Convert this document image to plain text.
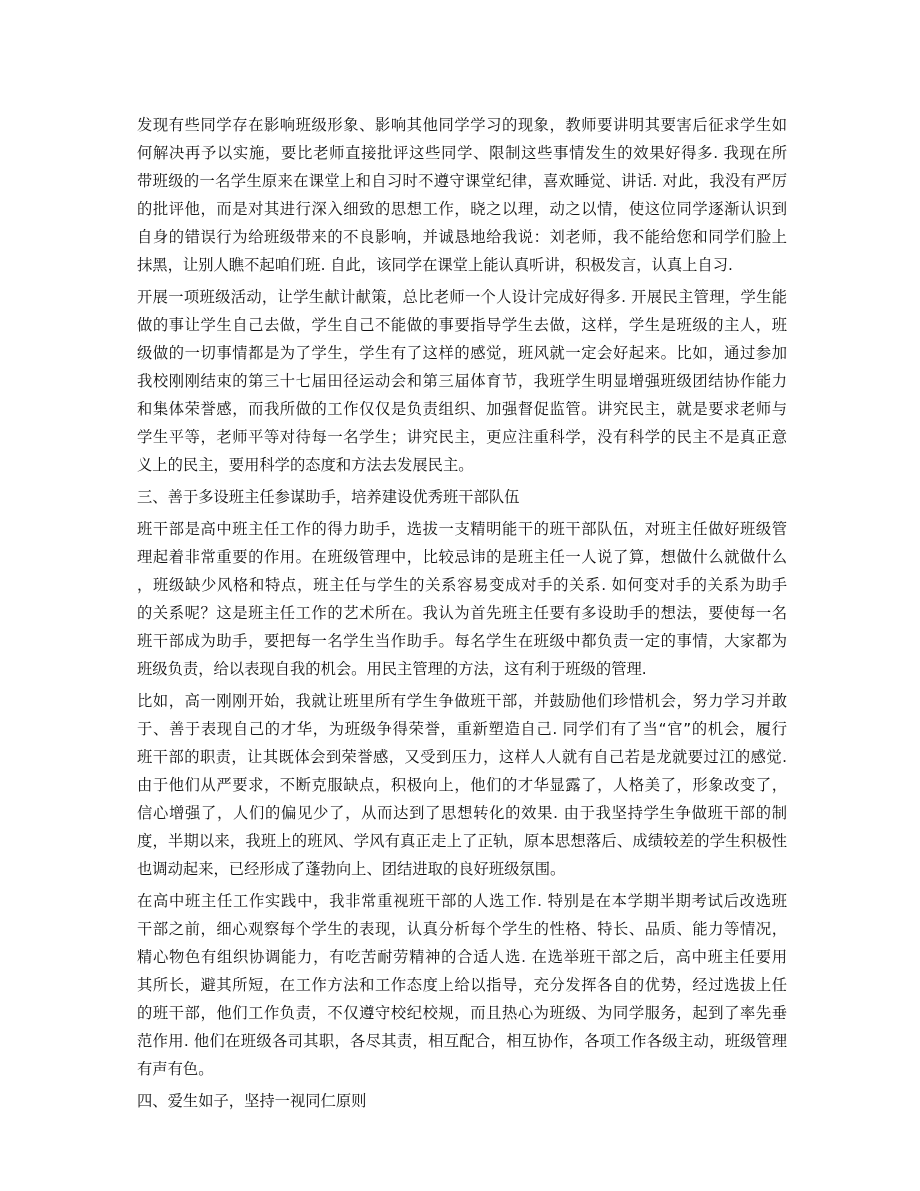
发现有些同学存在影响班级形象、影响其他同学学习的现象，教师要讲明其要害后征求学生如
何解决再予以实施，要比老师直接批评这些同学、限制这些事情发生的效果好得多. 我现在所
带班级的一名学生原来在课堂上和自习时不遵守课堂纪律，喜欢睡觉、讲话. 对此，我没有严厉
的批评他，而是对其进行深入细致的思想工作，晓之以理，动之以情，使这位同学逐渐认识到
自身的错误行为给班级带来的不良影响，并诚恳地给我说：刘老师，我不能给您和同学们脸上
抹黑，让别人瞧不起咱们班. 自此，该同学在课堂上能认真听讲，积极发言，认真上自习.
开展一项班级活动，让学生献计献策，总比老师一个人设计完成好得多. 开展民主管理，学生能
做的事让学生自己去做，学生自己不能做的事要指导学生去做，这样，学生是班级的主人，班
级做的一切事情都是为了学生，学生有了这样的感觉，班风就一定会好起来。比如，通过参加
我校刚刚结束的第三十七届田径运动会和第三届体育节，我班学生明显增强班级团结协作能力
和集体荣誉感，而我所做的工作仅仅是负责组织、加强督促监管。讲究民主，就是要求老师与
学生平等，老师平等对待每一名学生；讲究民主，更应注重科学，没有科学的民主不是真正意
义上的民主，要用科学的态度和方法去发展民主。
三、善于多设班主任参谋助手，培养建设优秀班干部队伍
班干部是高中班主任工作的得力助手，选拔一支精明能干的班干部队伍，对班主任做好班级管
理起着非常重要的作用。在班级管理中，比较忌讳的是班主任一人说了算，想做什么就做什么
，班级缺少风格和特点，班主任与学生的关系容易变成对手的关系. 如何变对手的关系为助手
的关系呢？这是班主任工作的艺术所在。我认为首先班主任要有多设助手的想法，要使每一名
班干部成为助手，要把每一名学生当作助手。每名学生在班级中都负责一定的事情，大家都为
班级负责，给以表现自我的机会。用民主管理的方法，这有利于班级的管理.
比如，高一刚刚开始，我就让班里所有学生争做班干部，并鼓励他们珍惜机会，努力学习并敢
于、善于表现自己的才华，为班级争得荣誉，重新塑造自己. 同学们有了当“官”的机会，履行
班干部的职责，让其既体会到荣誉感，又受到压力，这样人人就有自己若是龙就要过江的感觉.
由于他们从严要求，不断克服缺点，积极向上，他们的才华显露了，人格美了，形象改变了，
信心增强了，人们的偏见少了，从而达到了思想转化的效果. 由于我坚持学生争做班干部的制
度，半期以来，我班上的班风、学风有真正走上了正轨，原本思想落后、成绩较差的学生积极性
也调动起来，已经形成了蓬勃向上、团结进取的良好班级氛围。
在高中班主任工作实践中，我非常重视班干部的人选工作. 特别是在本学期半期考试后改选班
干部之前，细心观察每个学生的表现，认真分析每个学生的性格、特长、品质、能力等情况，
精心物色有组织协调能力，有吃苦耐劳精神的合适人选. 在选举班干部之后，高中班主任要用
其所长，避其所短，在工作方法和工作态度上给以指导，充分发挥各自的优势，经过选拔上任
的班干部，他们工作负责，不仅遵守校纪校规，而且热心为班级、为同学服务，起到了率先垂
范作用. 他们在班级各司其职，各尽其责，相互配合，相互协作，各项工作各级主动，班级管理
有声有色。
四、爱生如子，坚持一视同仁原则
